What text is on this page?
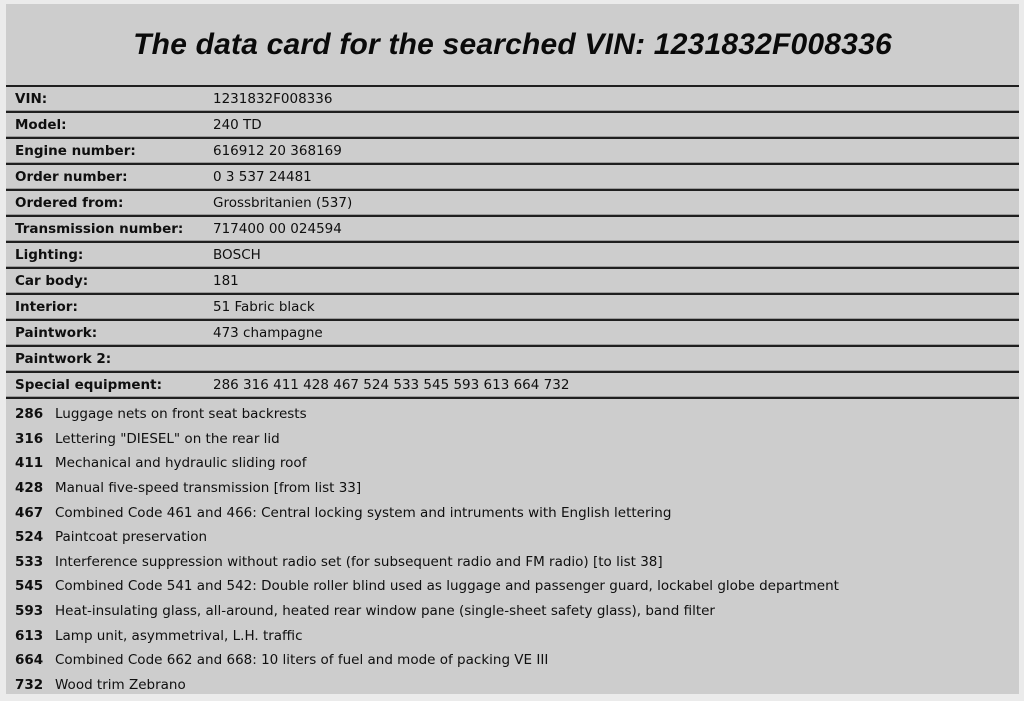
The data card for the searched VIN: 1231832F008336
VIN:	1231832F008336
Model:	240 TD
Engine number:	616912 20 368169
Order number:	0 3 537 24481
Ordered from:	Grossbritanien (537)
Transmission number:	717400 00 024594
Lighting:	BOSCH
Car body:	181
Interior:	51 Fabric black
Paintwork:	473 champagne
Paintwork 2:
Special equipment:	286 316 411 428 467 524 533 545 593 613 664 732
286 Luggage nets on front seat backrests
316 Lettering "DIESEL" on the rear lid
411 Mechanical and hydraulic sliding roof
428 Manual five-speed transmission [from list 33]
467 Combined Code 461 and 466: Central locking system and intruments with English lettering
524 Paintcoat preservation
533 Interference suppression without radio set (for subsequent radio and FM radio) [to list 38]
545 Combined Code 541 and 542: Double roller blind used as luggage and passenger guard, lockabel globe department
593 Heat-insulating glass, all-around, heated rear window pane (single-sheet safety glass), band filter
613 Lamp unit, asymmetrival, L.H. traffic
664 Combined Code 662 and 668: 10 liters of fuel and mode of packing VE III
732 Wood trim Zebrano
